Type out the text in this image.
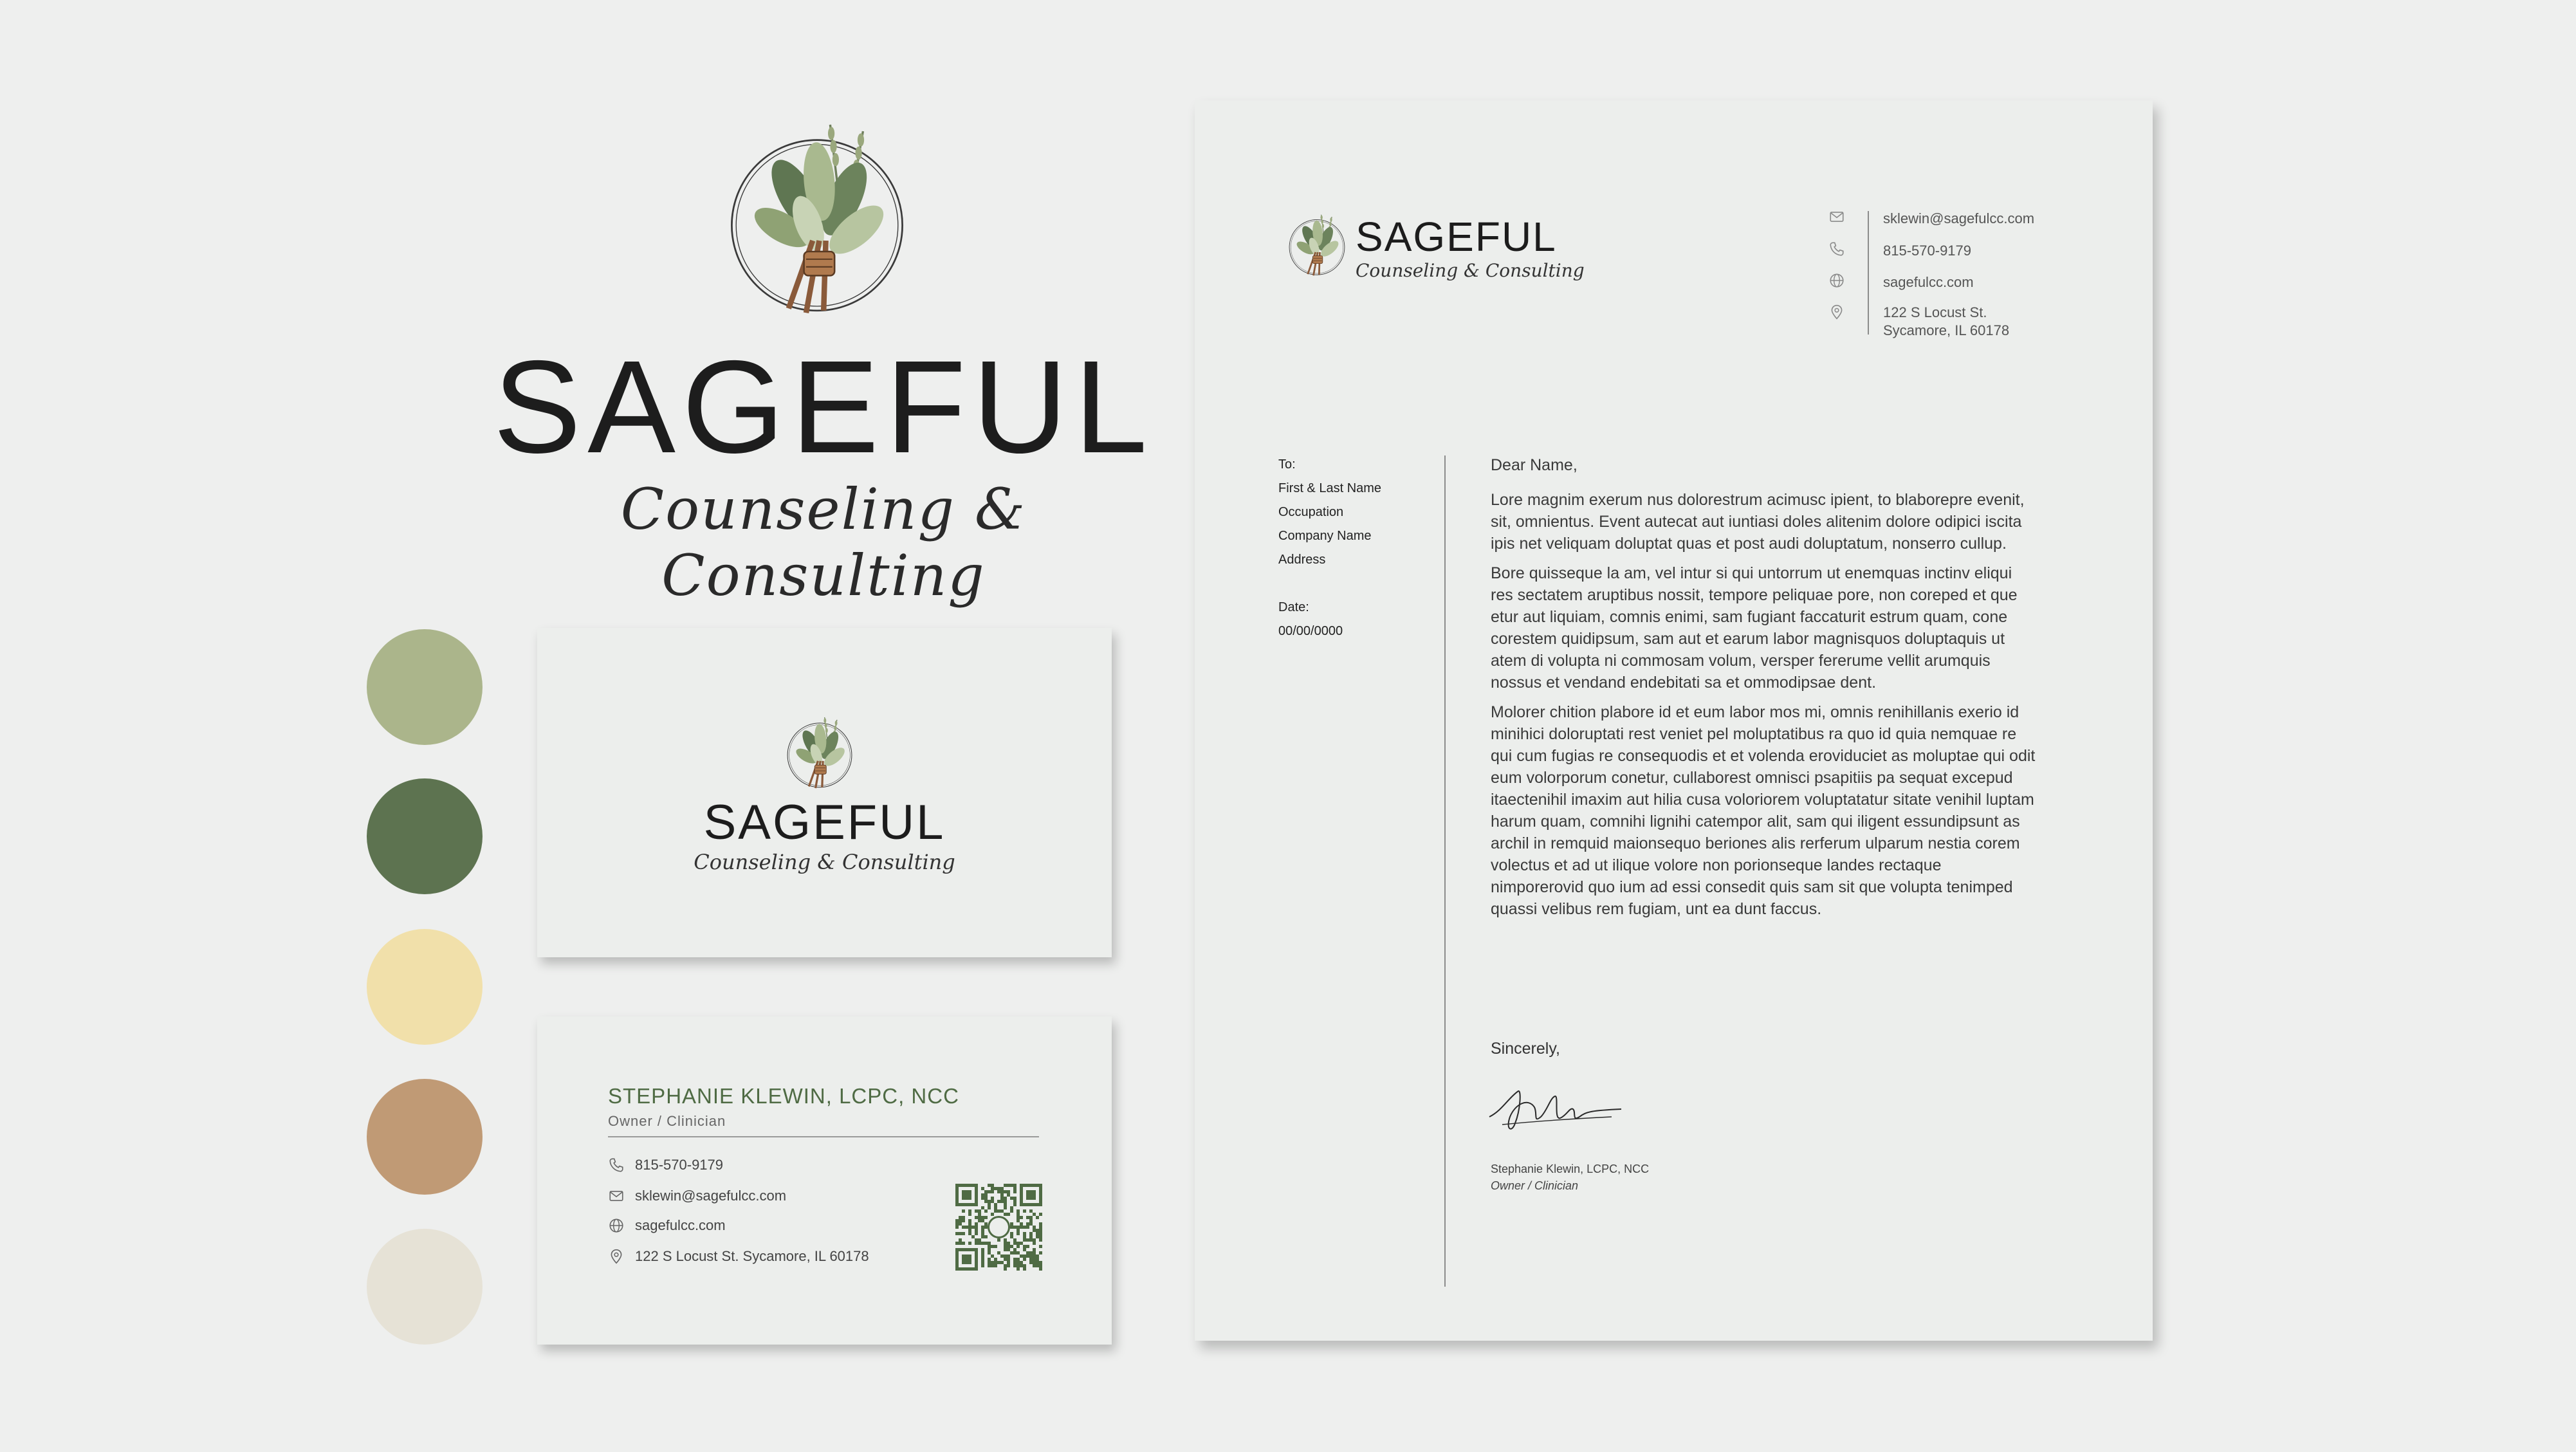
SAGEFUL
Counseling & Consulting
SAGEFUL
Counseling & Consulting
STEPHANIE KLEWIN, LCPC, NCC
Owner / Clinician
815-570-9179
sklewin@sagefulcc.com
sagefulcc.com
122 S Locust St. Sycamore, IL 60178
SAGEFUL
Counseling & Consulting
sklewin@sagefulcc.com
815-570-9179
sagefulcc.com
122 S Locust St.
Sycamore, IL 60178
To:
First & Last Name
Occupation
Company Name
Address
Date:
00/00/0000

Dear Name,

Lore magnim exerum nus dolorestrum acimusc ipient, to blaborepre evenit, sit, omnientus. Event autecat aut iuntiasi doles alitenim dolore odipici iscita ipis net veliquam doluptat quas et post audi doluptatum, nonserro cullup.

Bore quisseque la am, vel intur si qui untorrum ut enemquas inctinv eliqui res sectatem aruptibus nossit, tempore peliquae pore, non coreped et que etur aut liquiam, comnis enimi, sam fugiant faccaturit estrum quam, cone corestem quidipsum, sam aut et earum labor magnisquos doluptaquis ut atem di volupta ni commosam volum, versper fererume vellit arumquis nossus et vendand endebitati sa et ommodipsae dent.

Molorer chition plabore id et eum labor mos mi, omnis renihillanis exerio id minihici doloruptati rest veniet pel moluptatibus ra quo id quia nemquae re qui cum fugias re consequodis et et volenda eroviduciet as moluptae qui odit eum volorporum conetur, cullaborest omnisci psapitiis pa sequat excepud itaectenihil imaxim aut hilia cusa voloriorem voluptatatur sitate venihil luptam harum quam, comnihi lignihi catempor alit, sam qui iligent essundipsunt as archil in remquid maionsequo beriones alis rerferum ulparum nestia corem volectus et ad ut ilique volore non porionseque landes rectaque nimporerovid quo ium ad essi consedit quis sam sit que volupta tenimped quassi velibus rem fugiam, unt ea dunt faccus.

Sincerely,
Stephanie Klewin, LCPC, NCC
Owner / Clinician
